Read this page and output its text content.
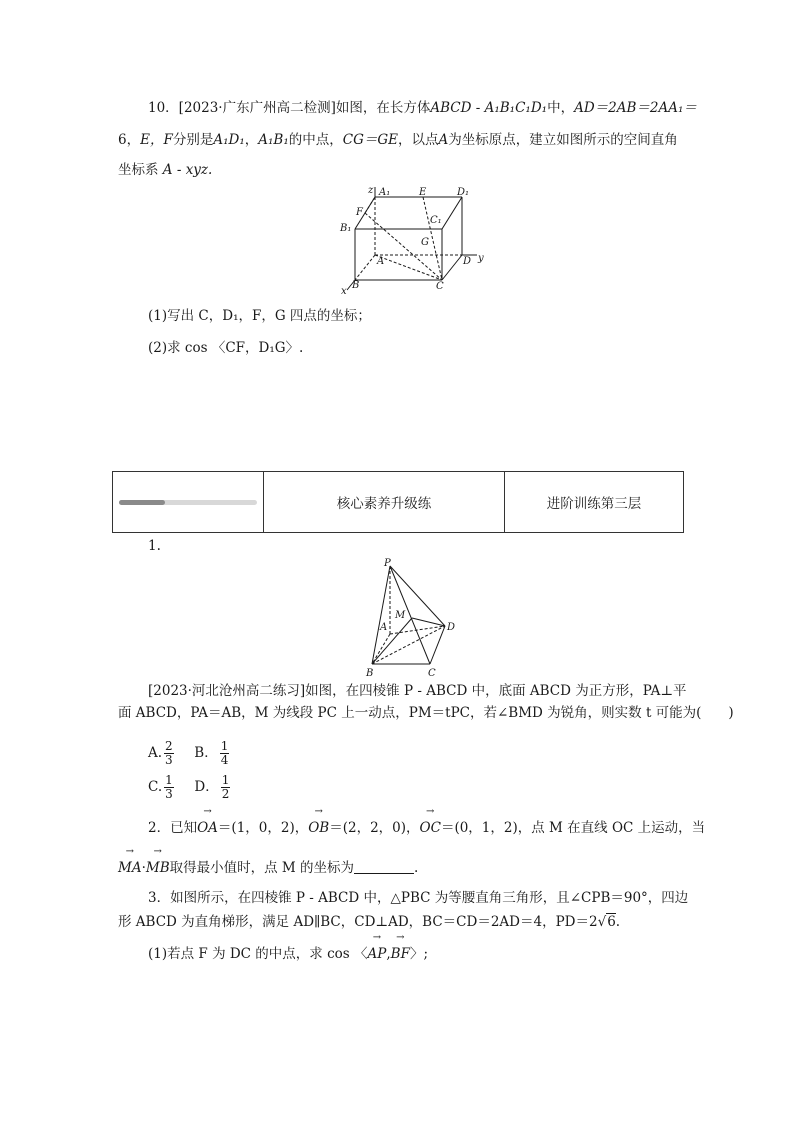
10．[2023·广东广州高二检测]如图，在长方体ABCD - A₁B₁C₁D₁中，AD＝2AB＝2AA₁＝
6，E，F分别是A₁D₁，A₁B₁的中点，CG＝GE，以点A为坐标原点，建立如图所示的空间直角
坐标系 A - xyz.
z A₁	E	D₁
F
C₁
B₁
G
A	D y
B	C
x
(1)写出 C，D₁，F，G 四点的坐标；
(2)求 cos 〈CF，D₁G〉.
核心素养升级练	进阶训练第三层
1.
P
M
A	D
B	C
[2023·河北沧州高二练习]如图，在四棱锥 P - ABCD 中，底面 ABCD 为正方形，PA⊥平
面 ABCD，PA＝AB，M 为线段 PC 上一动点，PM＝tPC，若∠BMD 为锐角，则实数 t 可能为(　　)
A. $\frac{2}{3}$ B． $\frac{1}{4}$
C. $\frac{1}{3}$ D． $\frac{1}{2}$
2．已知→ OA＝(1，0，2)，→ OB＝(2，2，0)，→ OC＝(0，1，2)，点 M 在直线 OC 上运动，当
→ MA·→ MB取得最小值时，点 M 的坐标为	.
3．如图所示，在四棱锥 P - ABCD 中，△PBC 为等腰直角三角形，且∠CPB＝90°，四边
形 ABCD 为直角梯形，满足 AD∥BC，CD⊥AD，BC＝CD＝2AD＝4，PD＝2√6.
(1)若点 F 为 DC 的中点，求 cos 〈→ AP,→ BF〉;
